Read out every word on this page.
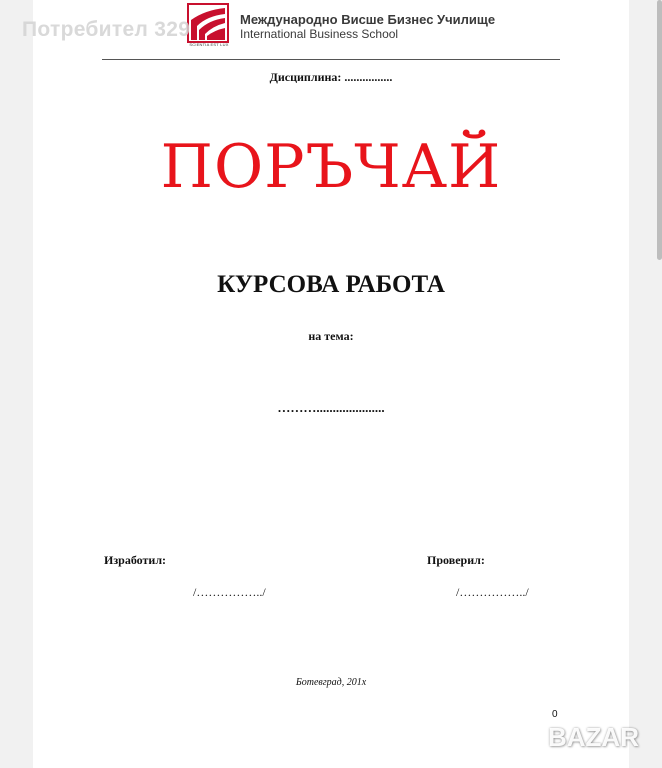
SCIENTIA EST LUX
Международно Висше Бизнес Училище
International Business School
Потребител 329
Дисциплина: ................
ПОРЪЧАЙ
КУРСОВА РАБОТА
на тема:
……….....................
Изработил:	Проверил:
/……………../	/……………../
Ботевград, 201х
0
BAZAR
